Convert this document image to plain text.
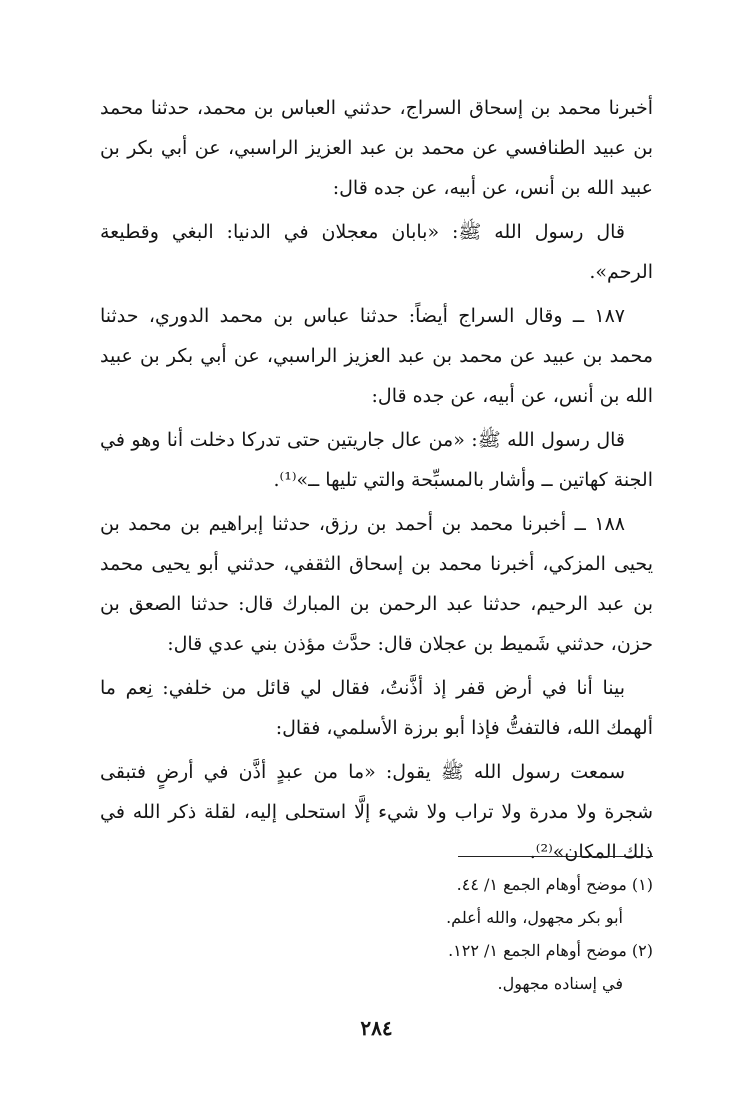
أخبرنا محمد بن إسحاق السراج، حدثني العباس بن محمد، حدثنا محمد بن عبيد الطنافسي عن محمد بن عبد العزيز الراسبي، عن أبي بكر بن عبيد الله بن أنس، عن أبيه، عن جده قال:

قال رسول الله ﷺ: «بابان معجلان في الدنيا: البغي وقطيعة الرحم».

١٨٧ ــ وقال السراج أيضاً: حدثنا عباس بن محمد الدوري، حدثنا محمد بن عبيد عن محمد بن عبد العزيز الراسبي، عن أبي بكر بن عبيد الله بن أنس، عن أبيه، عن جده قال:

قال رسول الله ﷺ: «من عال جاريتين حتى تدركا دخلت أنا وهو في الجنة كهاتين ــ وأشار بالمسبِّحة والتي تليها ــ»⁽¹⁾.

١٨٨ ــ أخبرنا محمد بن أحمد بن رزق، حدثنا إبراهيم بن محمد بن يحيى المزكي، أخبرنا محمد بن إسحاق الثقفي، حدثني أبو يحيى محمد بن عبد الرحيم، حدثنا عبد الرحمن بن المبارك قال: حدثنا الصعق بن حزن، حدثني شَميط بن عجلان قال: حدَّث مؤذن بني عدي قال:

بينا أنا في أرض قفر إذ أذَّنتُ، فقال لي قائل من خلفي: نِعم ما ألهمك الله، فالتفتُّ فإذا أبو برزة الأسلمي، فقال:

سمعت رسول الله ﷺ يقول: «ما من عبدٍ أذَّن في أرضٍ فتبقى شجرة ولا مدرة ولا تراب ولا شيء إلَّا استحلى إليه، لقلة ذكر الله في ذلك المكان»⁽²⁾.

(١) موضح أوهام الجمع ١/ ٤٤.

أبو بكر مجهول، والله أعلم.

(٢) موضح أوهام الجمع ١/ ١٢٢.

في إسناده مجهول.

٢٨٤
